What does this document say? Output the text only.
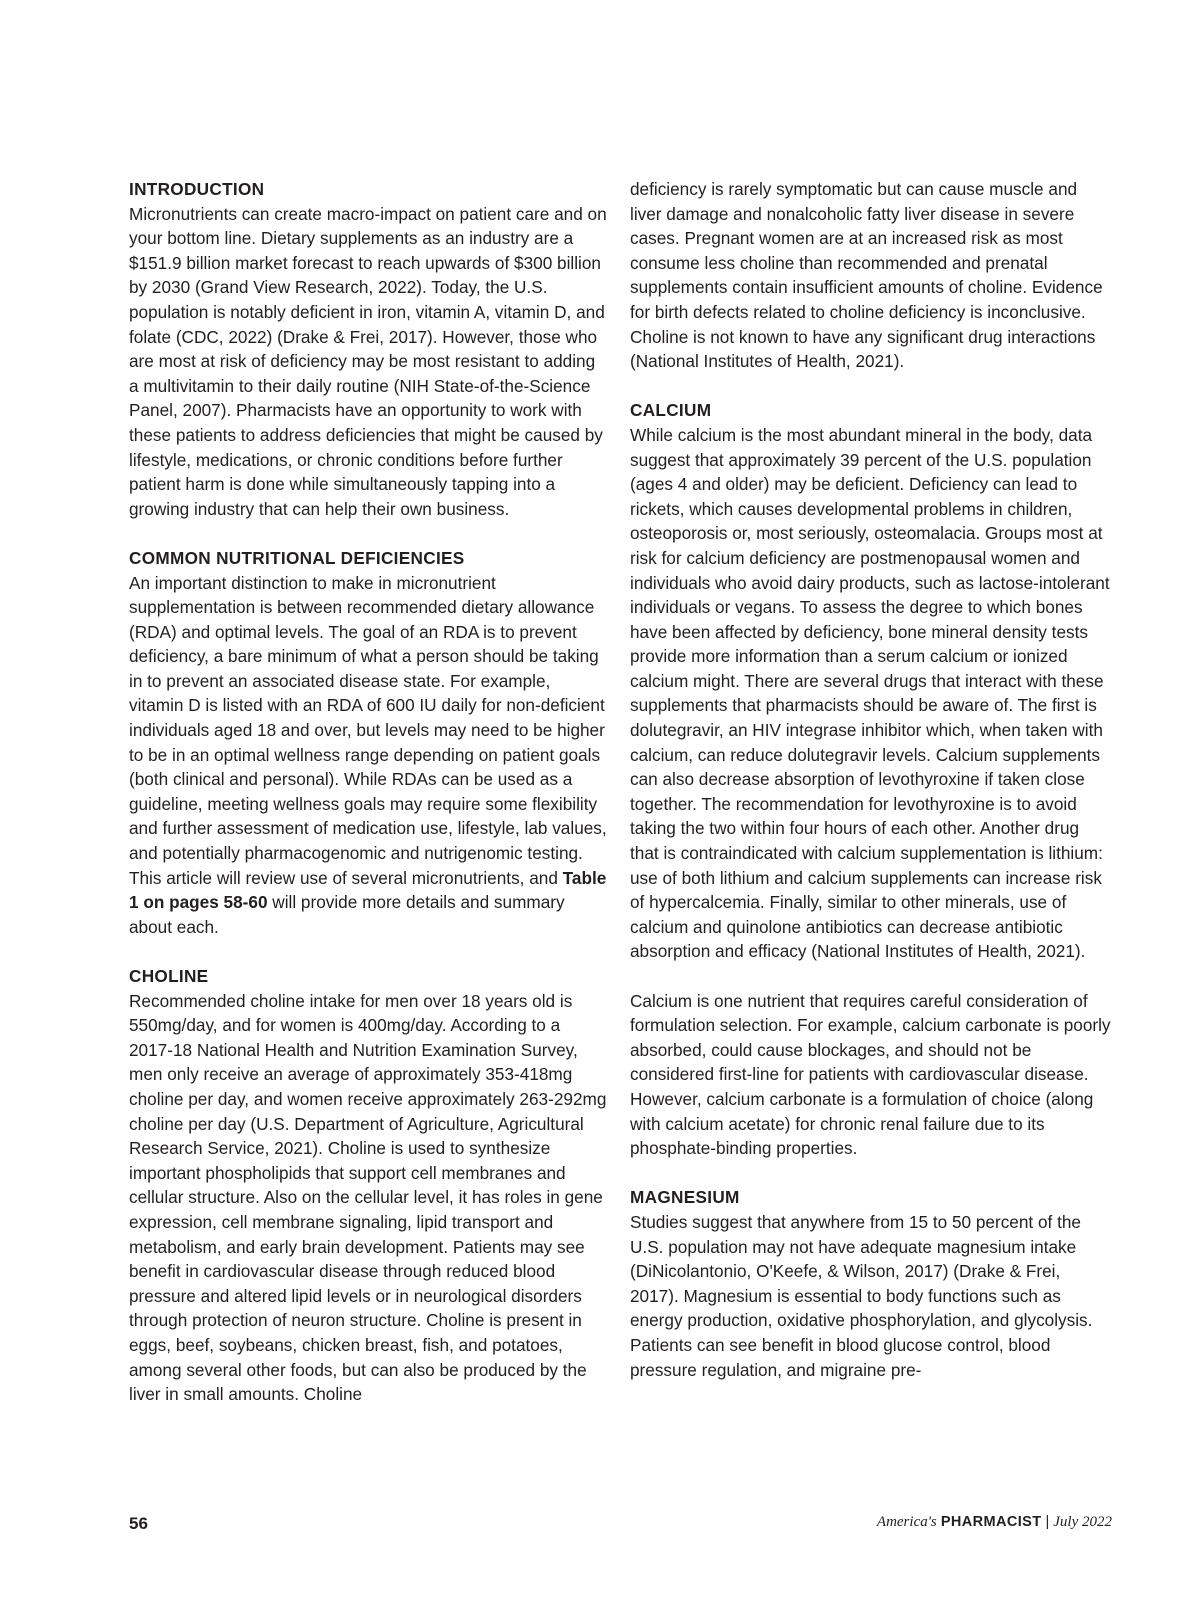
INTRODUCTION

Micronutrients can create macro-impact on patient care and on your bottom line. Dietary supplements as an industry are a $151.9 billion market forecast to reach upwards of $300 billion by 2030 (Grand View Research, 2022). Today, the U.S. population is notably deficient in iron, vitamin A, vitamin D, and folate (CDC, 2022) (Drake & Frei, 2017). However, those who are most at risk of deficiency may be most resistant to adding a multivitamin to their daily routine (NIH State-of-the-Science Panel, 2007). Pharmacists have an opportunity to work with these patients to address deficiencies that might be caused by lifestyle, medications, or chronic conditions before further patient harm is done while simultaneously tapping into a growing industry that can help their own business.

COMMON NUTRITIONAL DEFICIENCIES

An important distinction to make in micronutrient supplementation is between recommended dietary allowance (RDA) and optimal levels. The goal of an RDA is to prevent deficiency, a bare minimum of what a person should be taking in to prevent an associated disease state. For example, vitamin D is listed with an RDA of 600 IU daily for non-deficient individuals aged 18 and over, but levels may need to be higher to be in an optimal wellness range depending on patient goals (both clinical and personal). While RDAs can be used as a guideline, meeting wellness goals may require some flexibility and further assessment of medication use, lifestyle, lab values, and potentially pharmacogenomic and nutrigenomic testing. This article will review use of several micronutrients, and Table 1 on pages 58-60 will provide more details and summary about each.

CHOLINE

Recommended choline intake for men over 18 years old is 550mg/day, and for women is 400mg/day. According to a 2017-18 National Health and Nutrition Examination Survey, men only receive an average of approximately 353-418mg choline per day, and women receive approximately 263-292mg choline per day (U.S. Department of Agriculture, Agricultural Research Service, 2021). Choline is used to synthesize important phospholipids that support cell membranes and cellular structure. Also on the cellular level, it has roles in gene expression, cell membrane signaling, lipid transport and metabolism, and early brain development. Patients may see benefit in cardiovascular disease through reduced blood pressure and altered lipid levels or in neurological disorders through protection of neuron structure. Choline is present in eggs, beef, soybeans, chicken breast, fish, and potatoes, among several other foods, but can also be produced by the liver in small amounts. Choline

deficiency is rarely symptomatic but can cause muscle and liver damage and nonalcoholic fatty liver disease in severe cases. Pregnant women are at an increased risk as most consume less choline than recommended and prenatal supplements contain insufficient amounts of choline. Evidence for birth defects related to choline deficiency is inconclusive. Choline is not known to have any significant drug interactions (National Institutes of Health, 2021).

CALCIUM

While calcium is the most abundant mineral in the body, data suggest that approximately 39 percent of the U.S. population (ages 4 and older) may be deficient. Deficiency can lead to rickets, which causes developmental problems in children, osteoporosis or, most seriously, osteomalacia. Groups most at risk for calcium deficiency are postmenopausal women and individuals who avoid dairy products, such as lactose-intolerant individuals or vegans. To assess the degree to which bones have been affected by deficiency, bone mineral density tests provide more information than a serum calcium or ionized calcium might. There are several drugs that interact with these supplements that pharmacists should be aware of. The first is dolutegravir, an HIV integrase inhibitor which, when taken with calcium, can reduce dolutegravir levels. Calcium supplements can also decrease absorption of levothyroxine if taken close together. The recommendation for levothyroxine is to avoid taking the two within four hours of each other. Another drug that is contraindicated with calcium supplementation is lithium: use of both lithium and calcium supplements can increase risk of hypercalcemia. Finally, similar to other minerals, use of calcium and quinolone antibiotics can decrease antibiotic absorption and efficacy (National Institutes of Health, 2021).

Calcium is one nutrient that requires careful consideration of formulation selection. For example, calcium carbonate is poorly absorbed, could cause blockages, and should not be considered first-line for patients with cardiovascular disease. However, calcium carbonate is a formulation of choice (along with calcium acetate) for chronic renal failure due to its phosphate-binding properties.

MAGNESIUM

Studies suggest that anywhere from 15 to 50 percent of the U.S. population may not have adequate magnesium intake (DiNicolantonio, O'Keefe, & Wilson, 2017) (Drake & Frei, 2017). Magnesium is essential to body functions such as energy production, oxidative phosphorylation, and glycolysis. Patients can see benefit in blood glucose control, blood pressure regulation, and migraine pre-

56	America's PHARMACIST | July 2022
